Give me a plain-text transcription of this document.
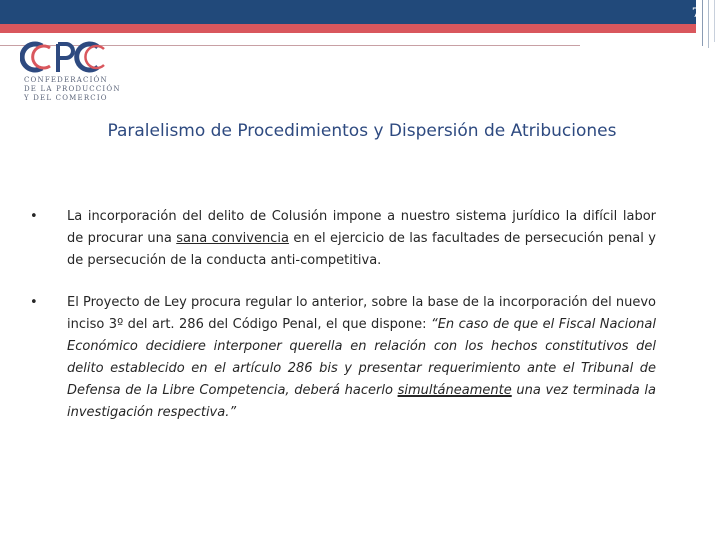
7
CONFEDERACIÓN
DE LA PRODUCCIÓN
Y DEL COMERCIO
Paralelismo de Procedimientos y Dispersión de Atribuciones
•	La incorporación del delito de Colusión impone a nuestro sistema jurídico la difícil labor de procurar una sana convivencia en el ejercicio de las facultades de persecución penal y de persecución de la conducta anti-competitiva.
•	El Proyecto de Ley procura regular lo anterior, sobre la base de la incorporación del nuevo inciso 3º del art. 286 del Código Penal, el que dispone: “En caso de que el Fiscal Nacional Económico decidiere interponer querella en relación con los hechos constitutivos del delito establecido en el artículo 286 bis y presentar requerimiento ante el Tribunal de Defensa de la Libre Competencia, deberá hacerlo simultáneamente una vez terminada la investigación respectiva.”
